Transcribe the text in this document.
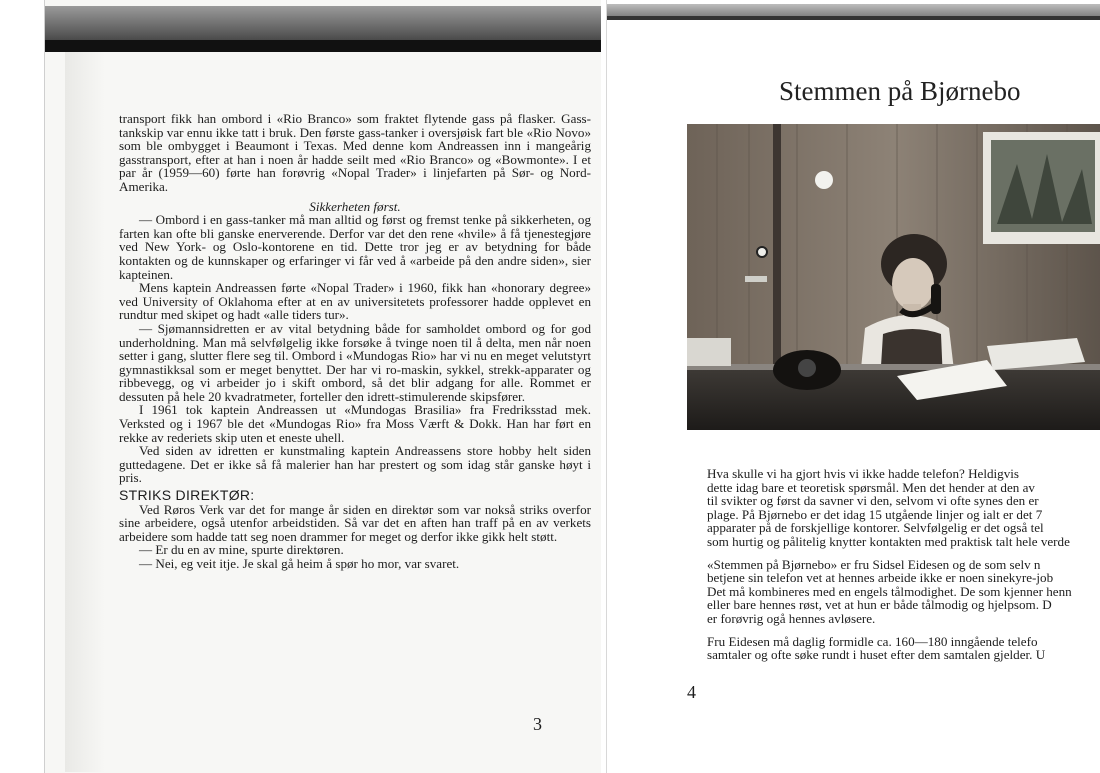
transport fikk han ombord i «Rio Branco» som fraktet flytende gass på flasker. Gass-tankskip var ennu ikke tatt i bruk. Den første gass-tanker i oversjøisk fart ble «Rio Novo» som ble ombygget i Beaumont i Texas. Med denne kom Andreassen inn i mangeårig gasstransport, efter at han i noen år hadde seilt med «Rio Branco» og «Bowmonte». I et par år (1959—60) førte han forøvrig «Nopal Trader» i linjefarten på Sør- og Nord-Amerika.

Sikkerheten først.

— Ombord i en gass-tanker må man alltid og først og fremst tenke på sikkerheten, og farten kan ofte bli ganske enerverende. Derfor var det den rene «hvile» å få tjenestegjøre ved New York- og Oslo-kontorene en tid. Dette tror jeg er av betydning for både kontakten og de kunnskaper og erfaringer vi får ved å «arbeide på den andre siden», sier kapteinen.

Mens kaptein Andreassen førte «Nopal Trader» i 1960, fikk han «honorary degree» ved University of Oklahoma efter at en av universitetets professorer hadde opplevet en rundtur med skipet og hadt «alle tiders tur».

— Sjømannsidretten er av vital betydning både for samholdet ombord og for god underholdning. Man må selvfølgelig ikke forsøke å tvinge noen til å delta, men når noen setter i gang, slutter flere seg til. Ombord i «Mundogas Rio» har vi nu en meget velutstyrt gymnastikksal som er meget benyttet. Der har vi ro-maskin, sykkel, strekk-apparater og ribbevegg, og vi arbeider jo i skift ombord, så det blir adgang for alle. Rommet er dessuten på hele 20 kvadratmeter, forteller den idrett-stimulerende skipsfører.

I 1961 tok kaptein Andreassen ut «Mundogas Brasilia» fra Fredriksstad mek. Verksted og i 1967 ble det «Mundogas Rio» fra Moss Værft & Dokk. Han har ført en rekke av rederiets skip uten et eneste uhell.

Ved siden av idretten er kunstmaling kaptein Andreassens store hobby helt siden guttedagene. Det er ikke så få malerier han har prestert og som idag står ganske høyt i pris.

STRIKS DIREKTØR:

Ved Røros Verk var det for mange år siden en direktør som var nokså striks overfor sine arbeidere, også utenfor arbeidstiden. Så var det en aften han traff på en av verkets arbeidere som hadde tatt seg noen drammer for meget og derfor ikke gikk helt støtt.

— Er du en av mine, spurte direktøren.

— Nei, eg veit itje. Je skal gå heim å spør ho mor, var svaret.

3
Stemmen på Bjørnebo

Hva skulle vi ha gjort hvis vi ikke hadde telefon? Heldigvis
dette idag bare et teoretisk spørsmål. Men det hender at den av
til svikter og først da savner vi den, selvom vi ofte synes den er
plage. På Bjørnebo er det idag 15 utgående linjer og ialt er det 7
apparater på de forskjellige kontorer. Selvfølgelig er det også tel
som hurtig og pålitelig knytter kontakten med praktisk talt hele verde

«Stemmen på Bjørnebo» er fru Sidsel Eidesen og de som selv n
betjene sin telefon vet at hennes arbeide ikke er noen sinekyre-job
Det må kombineres med en engels tålmodighet. De som kjenner henn
eller bare hennes røst, vet at hun er både tålmodig og hjelpsom. D
er forøvrig ogå hennes avløsere.

Fru Eidesen må daglig formidle ca. 160—180 inngående telefo
samtaler og ofte søke rundt i huset efter dem samtalen gjelder. U

4
